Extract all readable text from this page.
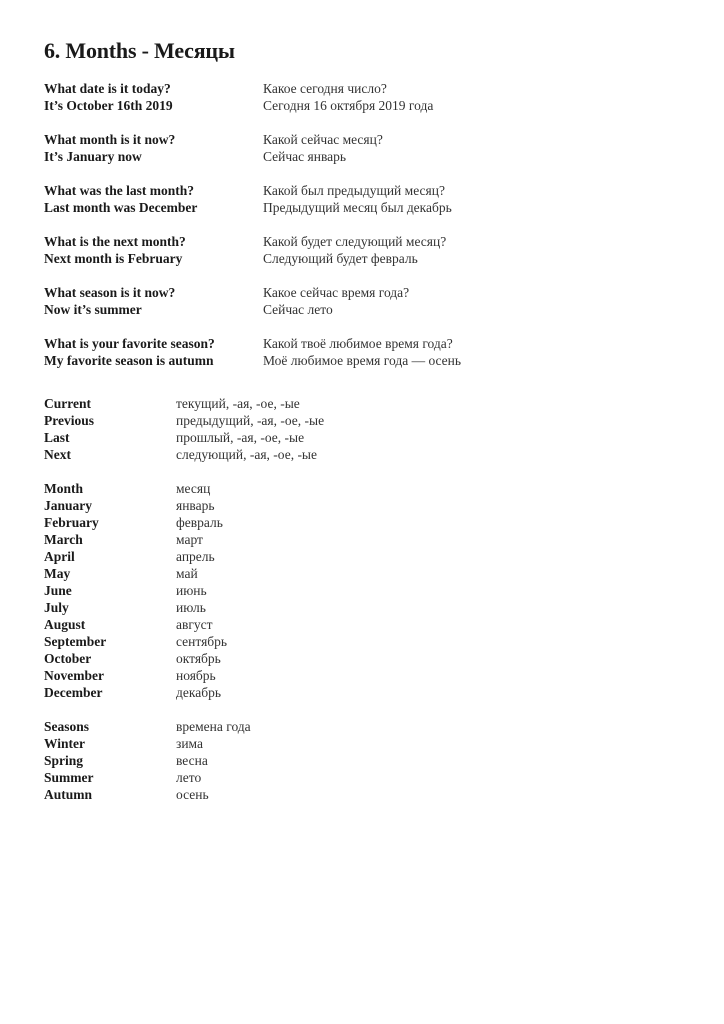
6. Months - Месяцы
What date is it today?	Какое сегодня число?
It’s October 16th 2019	Сегодня 16 октября 2019 года
What month is it now?	Какой сейчас месяц?
It’s January now	Сейчас январь
What was the last month?	Какой был предыдущий месяц?
Last month was December	Предыдущий месяц был декабрь
What is the next month?	Какой будет следующий месяц?
Next month is February	Следующий будет февраль
What season is it now?	Какое сейчас время года?
Now it’s summer	Сейчас лето
What is your favorite season?	Какой твоё любимое время года?
My favorite season is autumn	Моё любимое время года — осень
Current	текущий, -ая, -ое, -ые
Previous	предыдущий, -ая, -ое, -ые
Last	прошлый, -ая, -ое, -ые
Next	следующий, -ая, -ое, -ые
Month	месяц
January	январь
February	февраль
March	март
April	апрель
May	май
June	июнь
July	июль
August	август
September	сентябрь
October	октябрь
November	ноябрь
December	декабрь
Seasons	времена года
Winter	зима
Spring	весна
Summer	лето
Autumn	осень
